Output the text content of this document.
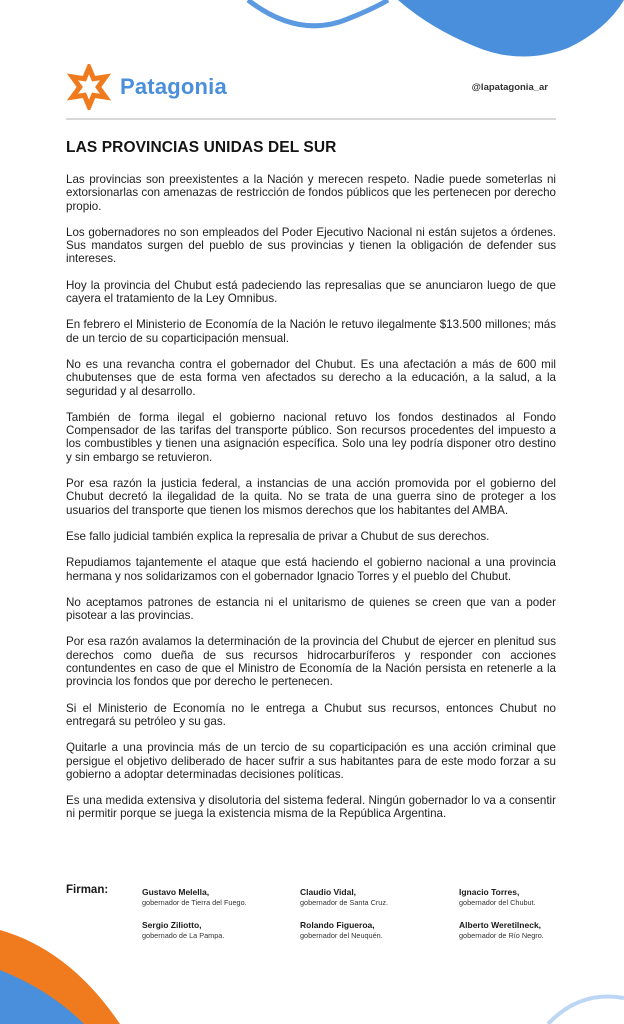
Patagonia	@lapatagonia_ar
LAS PROVINCIAS UNIDAS DEL SUR

Las provincias son preexistentes a la Nación y merecen respeto. Nadie puede someterlas ni extorsionarlas con amenazas de restricción de fondos públicos que les pertenecen por derecho propio.

Los gobernadores no son empleados del Poder Ejecutivo Nacional ni están sujetos a órdenes. Sus mandatos surgen del pueblo de sus provincias y tienen la obligación de defender sus intereses.

Hoy la provincia del Chubut está padeciendo las represalias que se anunciaron luego de que cayera el tratamiento de la Ley Omnibus.

En febrero el Ministerio de Economía de la Nación le retuvo ilegalmente $13.500 millones; más de un tercio de su coparticipación mensual.

No es una revancha contra el gobernador del Chubut. Es una afectación a más de 600 mil chubutenses que de esta forma ven afectados su derecho a la educación, a la salud, a la seguridad y al desarrollo.

También de forma ilegal el gobierno nacional retuvo los fondos destinados al Fondo Compensador de las tarifas del transporte público. Son recursos procedentes del impuesto a los combustibles y tienen una asignación específica. Solo una ley podría disponer otro destino y sin embargo se retuvieron.

Por esa razón la justicia federal, a instancias de una acción promovida por el gobierno del Chubut decretó la ilegalidad de la quita. No se trata de una guerra sino de proteger a los usuarios del transporte que tienen los mismos derechos que los habitantes del AMBA.

Ese fallo judicial también explica la represalia de privar a Chubut de sus derechos.

Repudiamos tajantemente el ataque que está haciendo el gobierno nacional a una provincia hermana y nos solidarizamos con el gobernador Ignacio Torres y el pueblo del Chubut.

No aceptamos patrones de estancia ni el unitarismo de quienes se creen que van a poder pisotear a las provincias.

Por esa razón avalamos la determinación de la provincia del Chubut de ejercer en plenitud sus derechos como dueña de sus recursos hidrocarburíferos y responder con acciones contundentes en caso de que el Ministro de Economía de la Nación persista en retenerle a la provincia los fondos que por derecho le pertenecen.

Si el Ministerio de Economía no le entrega a Chubut sus recursos, entonces Chubut no entregará su petróleo y su gas.

Quitarle a una provincia más de un tercio de su coparticipación es una acción criminal que persigue el objetivo deliberado de hacer sufrir a sus habitantes para de este modo forzar a su gobierno a adoptar determinadas decisiones políticas.

Es una medida extensiva y disolutoria del sistema federal. Ningún gobernador lo va a consentir ni permitir porque se juega la existencia misma de la República Argentina.

Firman:	Gustavo Melella,
gobernador de Tierra del Fuego.
Claudio Vidal,
gobernador de Santa Cruz.
Ignacio Torres,
gobernador del Chubut.
Sergio Ziliotto,
gobernado de La Pampa.
Rolando Figueroa,
gobernador del Neuquén.
Alberto Weretilneck,
gobernador de Río Negro.
